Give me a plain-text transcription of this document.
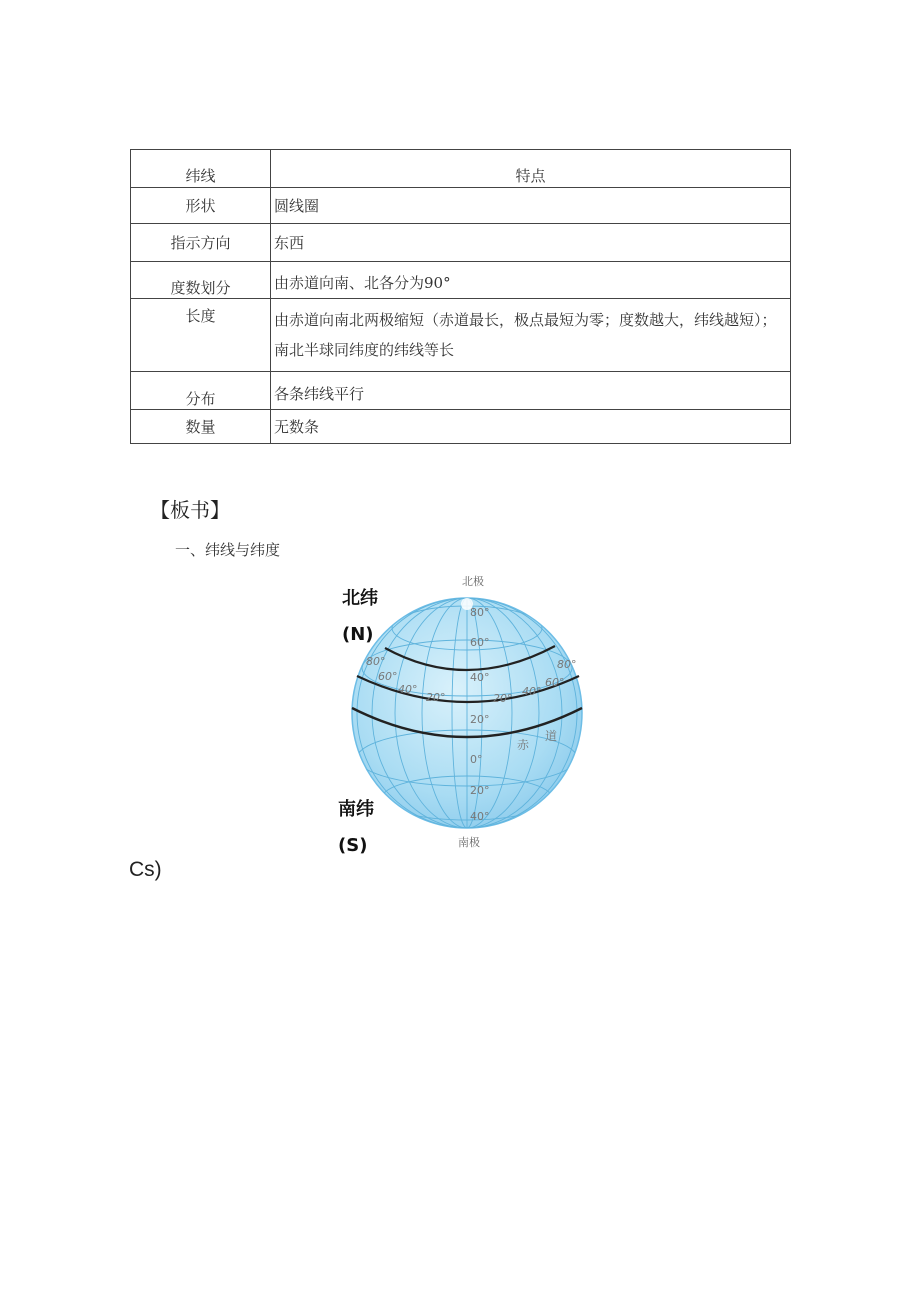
纬线	特点
形状	圆线圈
指示方向	东西
度数划分	由赤道向南、北各分为90°
长度	由赤道向南北两极缩短（赤道最长，极点最短为零；度数越大，纬线越短）；南北半球同纬度的纬线等长
分布	各条纬线平行
数量	无数条
【板书】
一、纬线与纬度
北极
南极
北纬
(N)
南纬
(S)
80°
60°
40°
20°
0°
20°
40°
80°
60°
40°
20°	20°
40°
60°
80°
赤
道
Cs)
